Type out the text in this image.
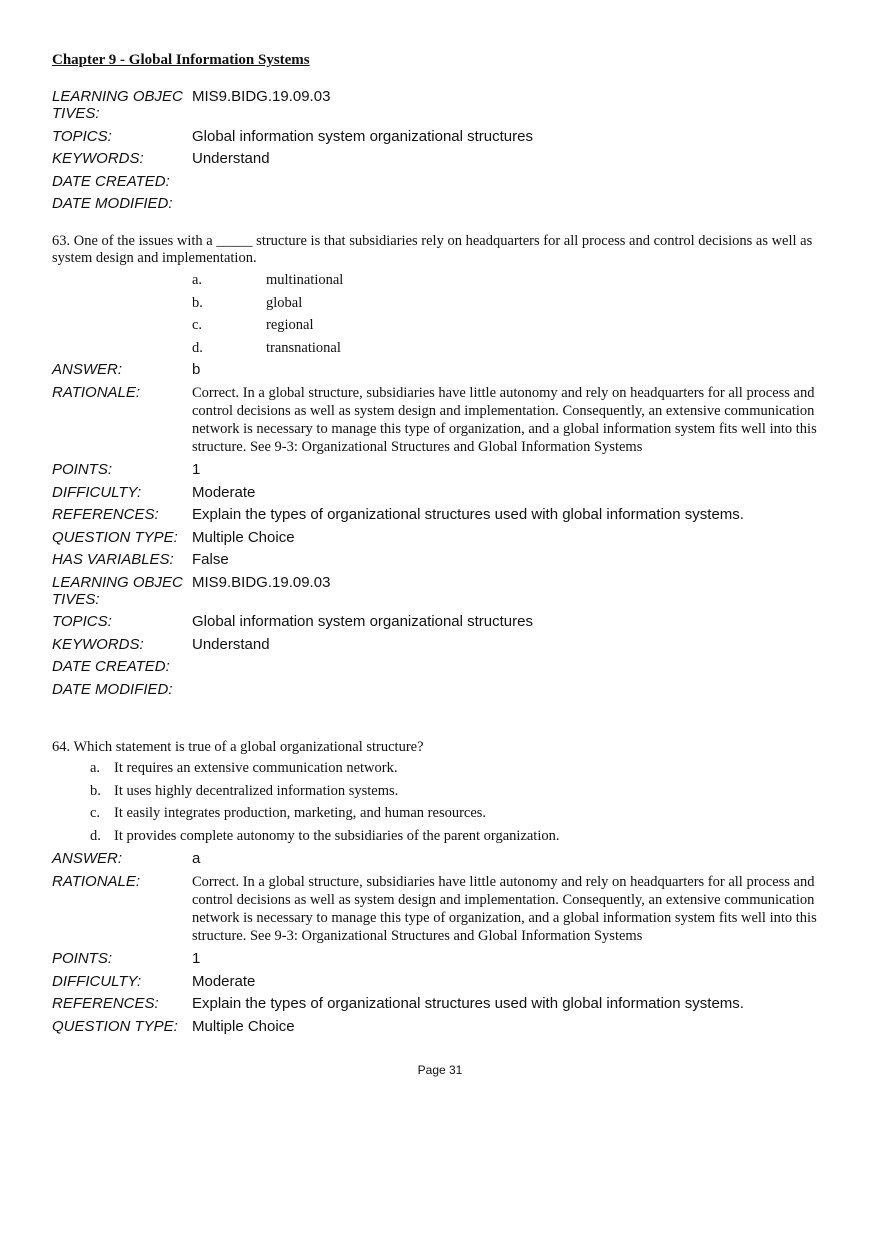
Chapter 9 - Global Information Systems
LEARNING OBJECTIVES:
MIS9.BIDG.19.09.03
TOPICS:	Global information system organizational structures
KEYWORDS:	Understand
DATE CREATED:
DATE MODIFIED:
63. One of the issues with a _____ structure is that subsidiaries rely on headquarters for all process and control decisions as well as system design and implementation.
a.	multinational
b.	global
c.	regional
d.	transnational
ANSWER:	b
RATIONALE:	Correct. In a global structure, subsidiaries have little autonomy and rely on headquarters for all process and control decisions as well as system design and implementation. Consequently, an extensive communication network is necessary to manage this type of organization, and a global information system fits well into this structure. See 9-3: Organizational Structures and Global Information Systems
POINTS:	1
DIFFICULTY:	Moderate
REFERENCES:	Explain the types of organizational structures used with global information systems.
QUESTION TYPE: Multiple Choice
HAS VARIABLES:	False
LEARNING OBJECTIVES:
MIS9.BIDG.19.09.03
TOPICS:	Global information system organizational structures
KEYWORDS:	Understand
DATE CREATED:
DATE MODIFIED:
64. Which statement is true of a global organizational structure?
a. It requires an extensive communication network.
b. It uses highly decentralized information systems.
c. It easily integrates production, marketing, and human resources.
d. It provides complete autonomy to the subsidiaries of the parent organization.
ANSWER:	a
RATIONALE:	Correct. In a global structure, subsidiaries have little autonomy and rely on headquarters for all process and control decisions as well as system design and implementation. Consequently, an extensive communication network is necessary to manage this type of organization, and a global information system fits well into this structure. See 9-3: Organizational Structures and Global Information Systems
POINTS:	1
DIFFICULTY:	Moderate
REFERENCES:	Explain the types of organizational structures used with global information systems.
QUESTION TYPE: Multiple Choice
Page 31
